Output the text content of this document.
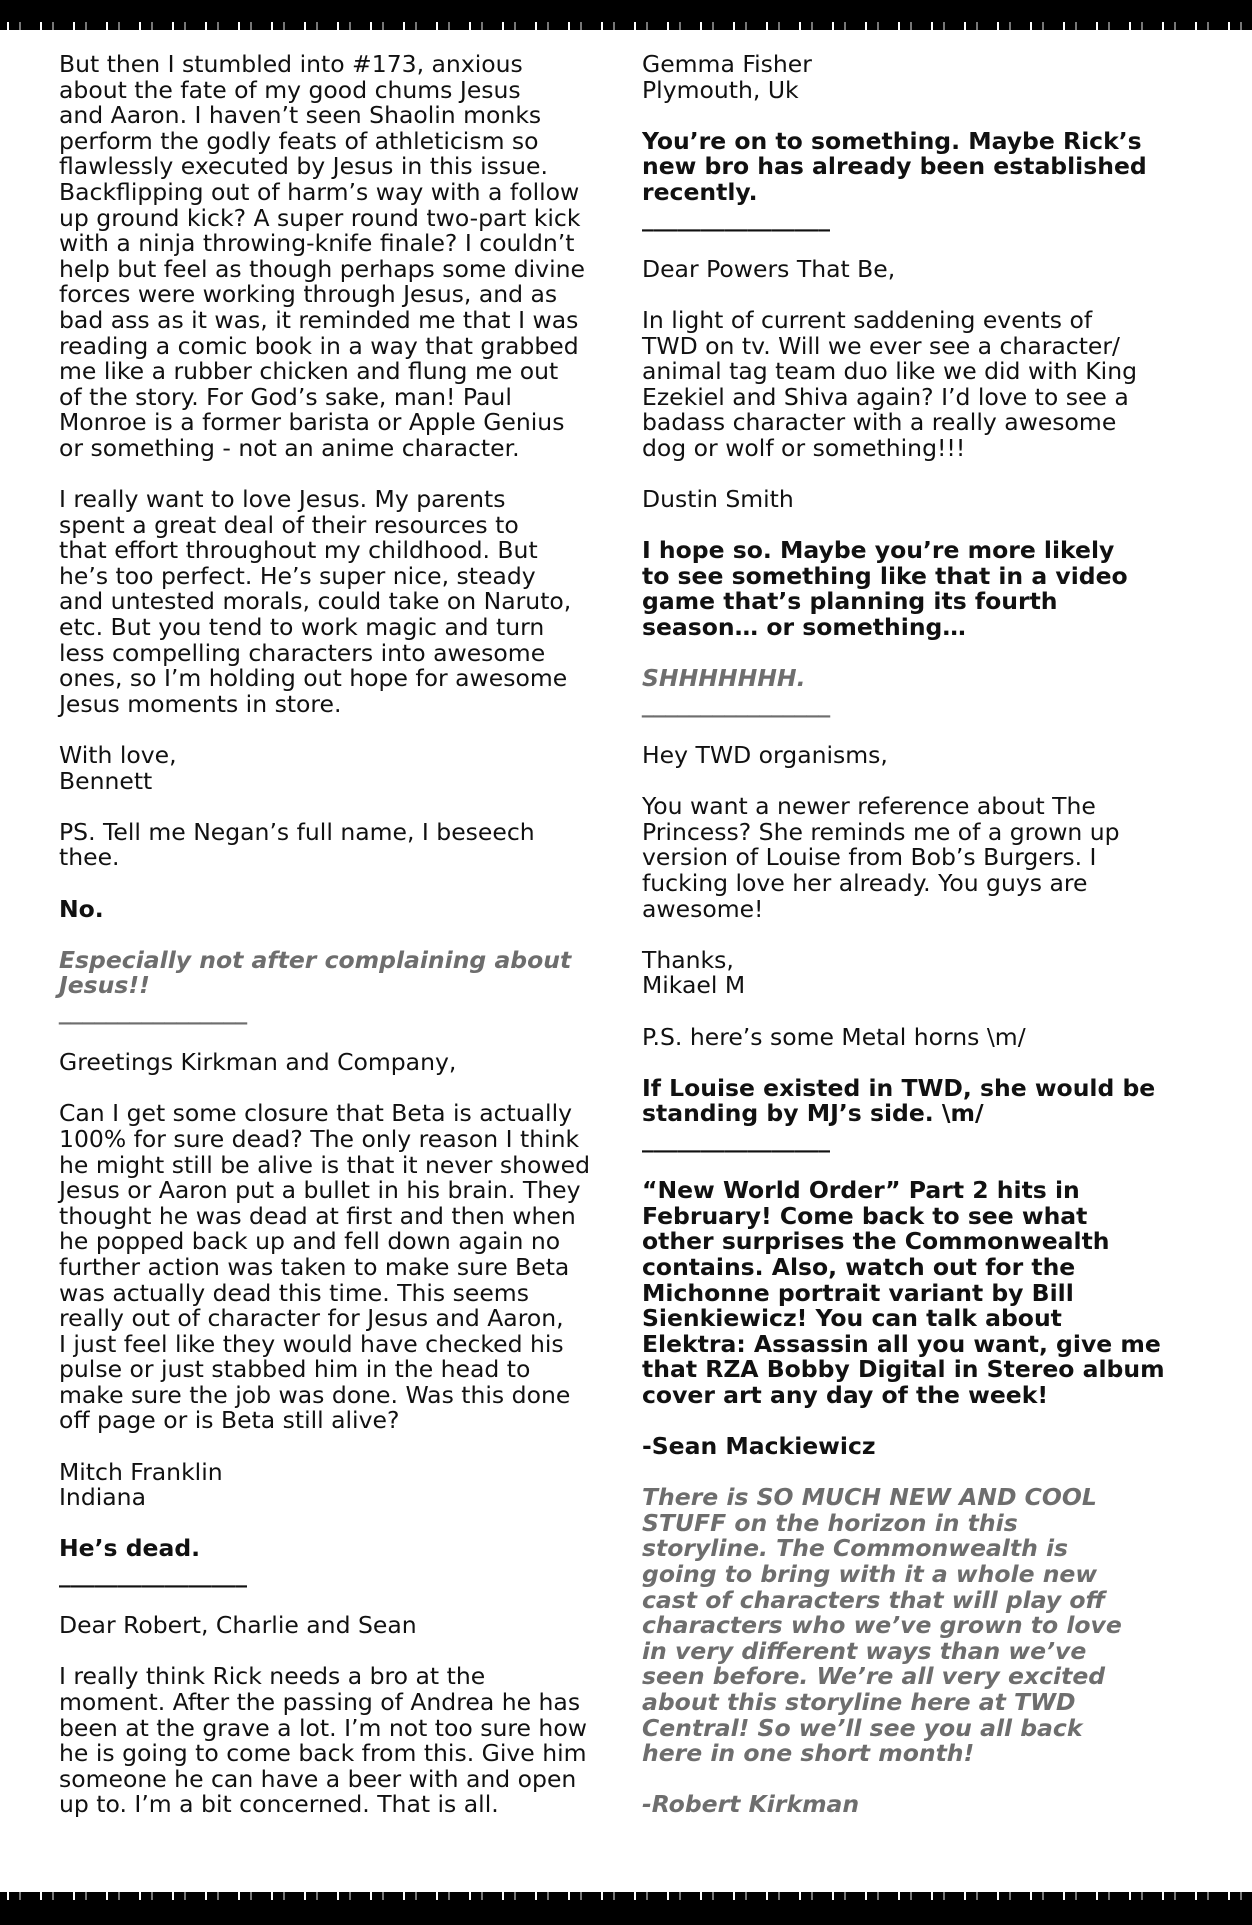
But then I stumbled into #173, anxious
about the fate of my good chums Jesus
and Aaron. I haven’t seen Shaolin monks
perform the godly feats of athleticism so
flawlessly executed by Jesus in this issue.
Backflipping out of harm’s way with a follow
up ground kick? A super round two-part kick
with a ninja throwing-knife finale? I couldn’t
help but feel as though perhaps some divine
forces were working through Jesus, and as
bad ass as it was, it reminded me that I was
reading a comic book in a way that grabbed
me like a rubber chicken and flung me out
of the story. For God’s sake, man! Paul
Monroe is a former barista or Apple Genius
or something - not an anime character.

I really want to love Jesus. My parents
spent a great deal of their resources to
that effort throughout my childhood. But
he’s too perfect. He’s super nice, steady
and untested morals, could take on Naruto,
etc. But you tend to work magic and turn
less compelling characters into awesome
ones, so I’m holding out hope for awesome
Jesus moments in store.

With love,
Bennett

PS. Tell me Negan’s full name, I beseech
thee.

No.

Especially not after complaining about
Jesus!!
________________

Greetings Kirkman and Company,

Can I get some closure that Beta is actually
100% for sure dead? The only reason I think
he might still be alive is that it never showed
Jesus or Aaron put a bullet in his brain. They
thought he was dead at first and then when
he popped back up and fell down again no
further action was taken to make sure Beta
was actually dead this time. This seems
really out of character for Jesus and Aaron,
I just feel like they would have checked his
pulse or just stabbed him in the head to
make sure the job was done. Was this done
off page or is Beta still alive?

Mitch Franklin
Indiana

He’s dead.
________________

Dear Robert, Charlie and Sean

I really think Rick needs a bro at the
moment. After the passing of Andrea he has
been at the grave a lot. I’m not too sure how
he is going to come back from this. Give him
someone he can have a beer with and open
up to. I’m a bit concerned. That is all.

Gemma Fisher
Plymouth, Uk

You’re on to something. Maybe Rick’s
new bro has already been established
recently.
________________

Dear Powers That Be,

In light of current saddening events of
TWD on tv. Will we ever see a character/
animal tag team duo like we did with King
Ezekiel and Shiva again? I’d love to see a
badass character with a really awesome
dog or wolf or something!!!

Dustin Smith

I hope so. Maybe you’re more likely
to see something like that in a video
game that’s planning its fourth
season… or something…

SHHHHHHH.
________________

Hey TWD organisms,

You want a newer reference about The
Princess? She reminds me of a grown up
version of Louise from Bob’s Burgers. I
fucking love her already. You guys are
awesome!

Thanks,
Mikael M

P.S. here’s some Metal horns \m/

If Louise existed in TWD, she would be
standing by MJ’s side. \m/
________________

“New World Order” Part 2 hits in
February! Come back to see what
other surprises the Commonwealth
contains. Also, watch out for the
Michonne portrait variant by Bill
Sienkiewicz! You can talk about
Elektra: Assassin all you want, give me
that RZA Bobby Digital in Stereo album
cover art any day of the week!

-Sean Mackiewicz

There is SO MUCH NEW AND COOL
STUFF on the horizon in this
storyline. The Commonwealth is
going to bring with it a whole new
cast of characters that will play off
characters who we’ve grown to love
in very different ways than we’ve
seen before. We’re all very excited
about this storyline here at TWD
Central! So we’ll see you all back
here in one short month!

-Robert Kirkman
